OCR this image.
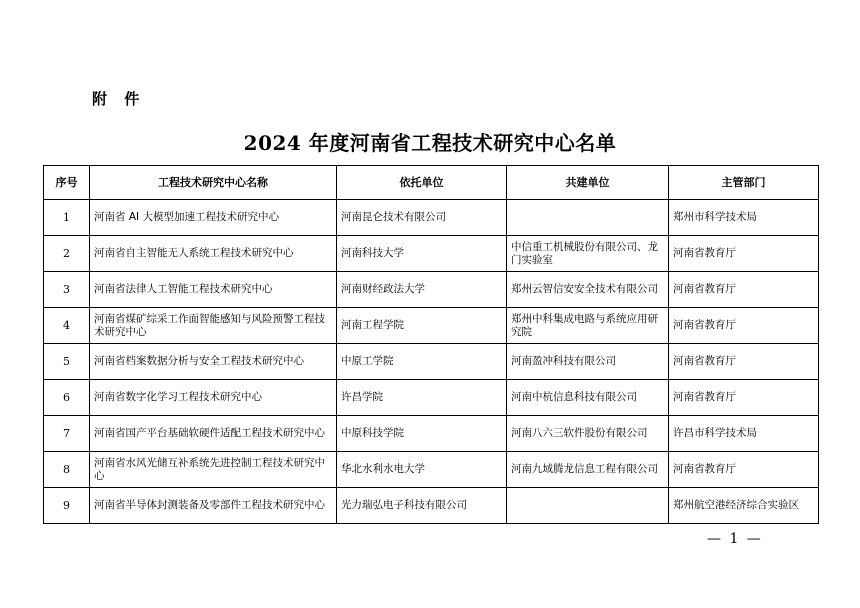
附 件
2024 年度河南省工程技术研究中心名单
序号	工程技术研究中心名称	依托单位	共建单位	主管部门
1	河南省 AI 大模型加速工程技术研究中心	河南昆仑技术有限公司		郑州市科学技术局
2	河南省自主智能无人系统工程技术研究中心	河南科技大学	中信重工机械股份有限公司、龙门实验室	河南省教育厅
3	河南省法律人工智能工程技术研究中心	河南财经政法大学	郑州云智信安安全技术有限公司	河南省教育厅
4	河南省煤矿综采工作面智能感知与风险预警工程技术研究中心	河南工程学院	郑州中科集成电路与系统应用研究院	河南省教育厅
5	河南省档案数据分析与安全工程技术研究中心	中原工学院	河南盈冲科技有限公司	河南省教育厅
6	河南省数字化学习工程技术研究中心	许昌学院	河南中杭信息科技有限公司	河南省教育厅
7	河南省国产平台基础软硬件适配工程技术研究中心	中原科技学院	河南八六三软件股份有限公司	许昌市科学技术局
8	河南省水风光储互补系统先进控制工程技术研究中心	华北水利水电大学	河南九域腾龙信息工程有限公司	河南省教育厅
9	河南省半导体封测装备及零部件工程技术研究中心	光力瑞弘电子科技有限公司		郑州航空港经济综合实验区
— 1 —
